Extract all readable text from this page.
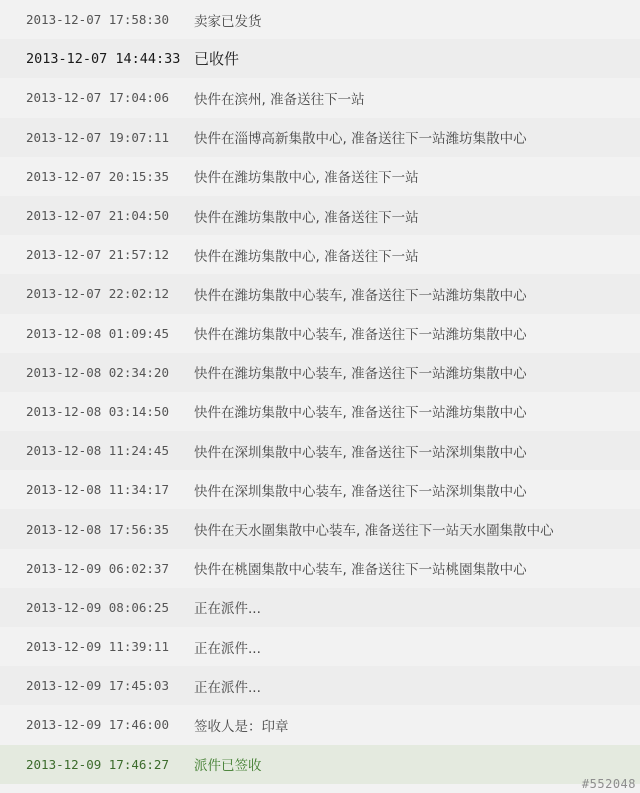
2013-12-07 17:58:30	卖家已发货
2013-12-07 14:44:33 已收件
2013-12-07 17:04:06	快件在滨州, 准备送往下一站
2013-12-07 19:07:11	快件在淄博高新集散中心, 准备送往下一站潍坊集散中心
2013-12-07 20:15:35	快件在潍坊集散中心, 准备送往下一站
2013-12-07 21:04:50	快件在潍坊集散中心, 准备送往下一站
2013-12-07 21:57:12	快件在潍坊集散中心, 准备送往下一站
2013-12-07 22:02:12	快件在潍坊集散中心装车, 准备送往下一站潍坊集散中心
2013-12-08 01:09:45	快件在潍坊集散中心装车, 准备送往下一站潍坊集散中心
2013-12-08 02:34:20	快件在潍坊集散中心装车, 准备送往下一站潍坊集散中心
2013-12-08 03:14:50	快件在潍坊集散中心装车, 准备送往下一站潍坊集散中心
2013-12-08 11:24:45	快件在深圳集散中心装车, 准备送往下一站深圳集散中心
2013-12-08 11:34:17	快件在深圳集散中心装车, 准备送往下一站深圳集散中心
2013-12-08 17:56:35	快件在天水圍集散中心装车, 准备送往下一站天水圍集散中心
2013-12-09 06:02:37	快件在桃園集散中心装车, 准备送往下一站桃園集散中心
2013-12-09 08:06:25	正在派件...
2013-12-09 11:39:11	正在派件...
2013-12-09 17:45:03	正在派件...
2013-12-09 17:46:00	签收人是：印章
2013-12-09 17:46:27	派件已签收
#552048
